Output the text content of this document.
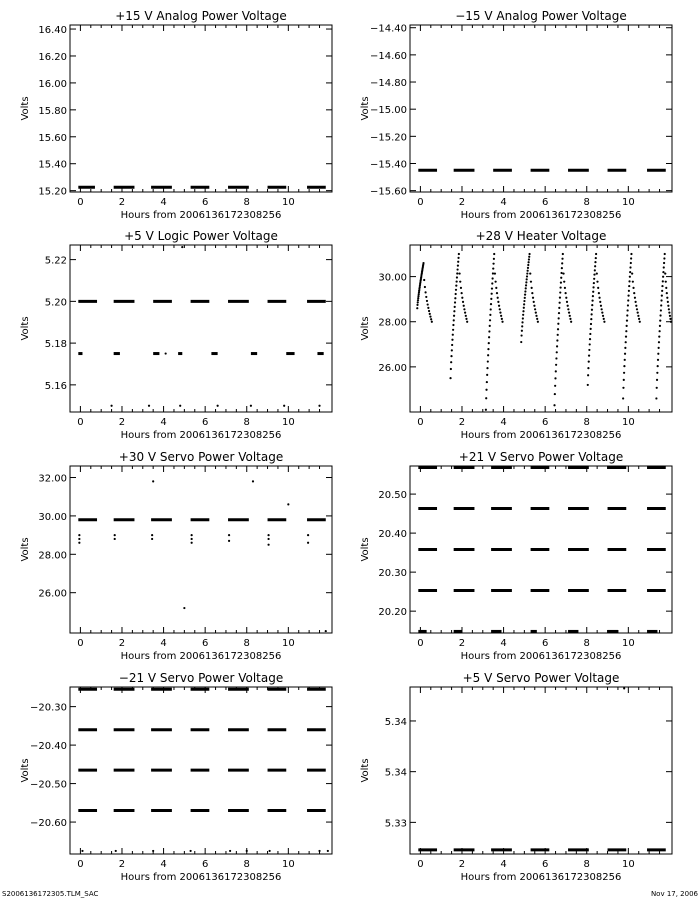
+15 V Analog Power Voltage
0	2	4	6	8	10
15.20
15.40
15.60
15.80
16.00
16.20
16.40
Hours from 2006136172308256
Volts
−15 V Analog Power Voltage
0	2	4	6	8	10
−15.60
−15.40
−15.20
−15.00
−14.80
−14.60
−14.40
Hours from 2006136172308256
Volts
+5 V Logic Power Voltage
0	2	4	6	8	10
5.16
5.18
5.20
5.22
Hours from 2006136172308256
Volts
+28 V Heater Voltage
0	2	4	6	8	10
26.00
28.00
30.00
Hours from 2006136172308256
Volts
+30 V Servo Power Voltage
0	2	4	6	8	10
26.00
28.00
30.00
32.00
Hours from 2006136172308256
Volts
+21 V Servo Power Voltage
0	2	4	6	8	10
20.20
20.30
20.40
20.50
Hours from 2006136172308256
Volts
−21 V Servo Power Voltage
0	2	4	6	8	10
−20.60
−20.50
−20.40
−20.30
Hours from 2006136172308256
Volts
+5 V Servo Power Voltage
0	2	4	6	8	10
5.33
5.34
5.34
Hours from 2006136172308256
Volts
S2006136172305.TLM_SAC	Nov 17, 2006
